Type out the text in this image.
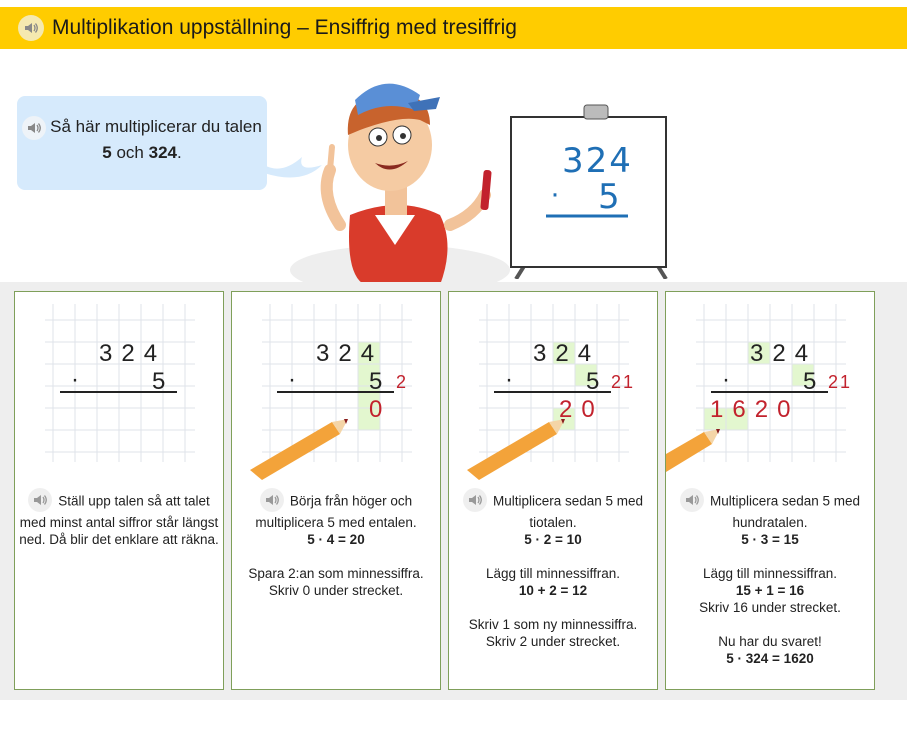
Multiplikation uppställning – Ensiffrig med tresiffrig
Så här multiplicerar du talen 5 och 324.	324
· 5
324
·	5
Ställ upp talen så att talet med minst antal siffror står längst ned. Då blir det enklare att räkna.
324
·	5 2
0
Börja från höger och multiplicera 5 med entalen.
5 · 4 = 20
Spara 2:an som minnessiffra.
Skriv 0 under strecket.
324
·	5 21
20
Multiplicera sedan 5 med tiotalen.
5 · 2 = 10
Lägg till minnessiffran.
10 + 2 = 12
Skriv 1 som ny minnessiffra.
Skriv 2 under strecket.
324
·	5 21
1620
Multiplicera sedan 5 med hundratalen.
5 · 3 = 15
Lägg till minnessiffran.
15 + 1 = 16
Skriv 16 under strecket.
Nu har du svaret!
5 · 324 = 1620
